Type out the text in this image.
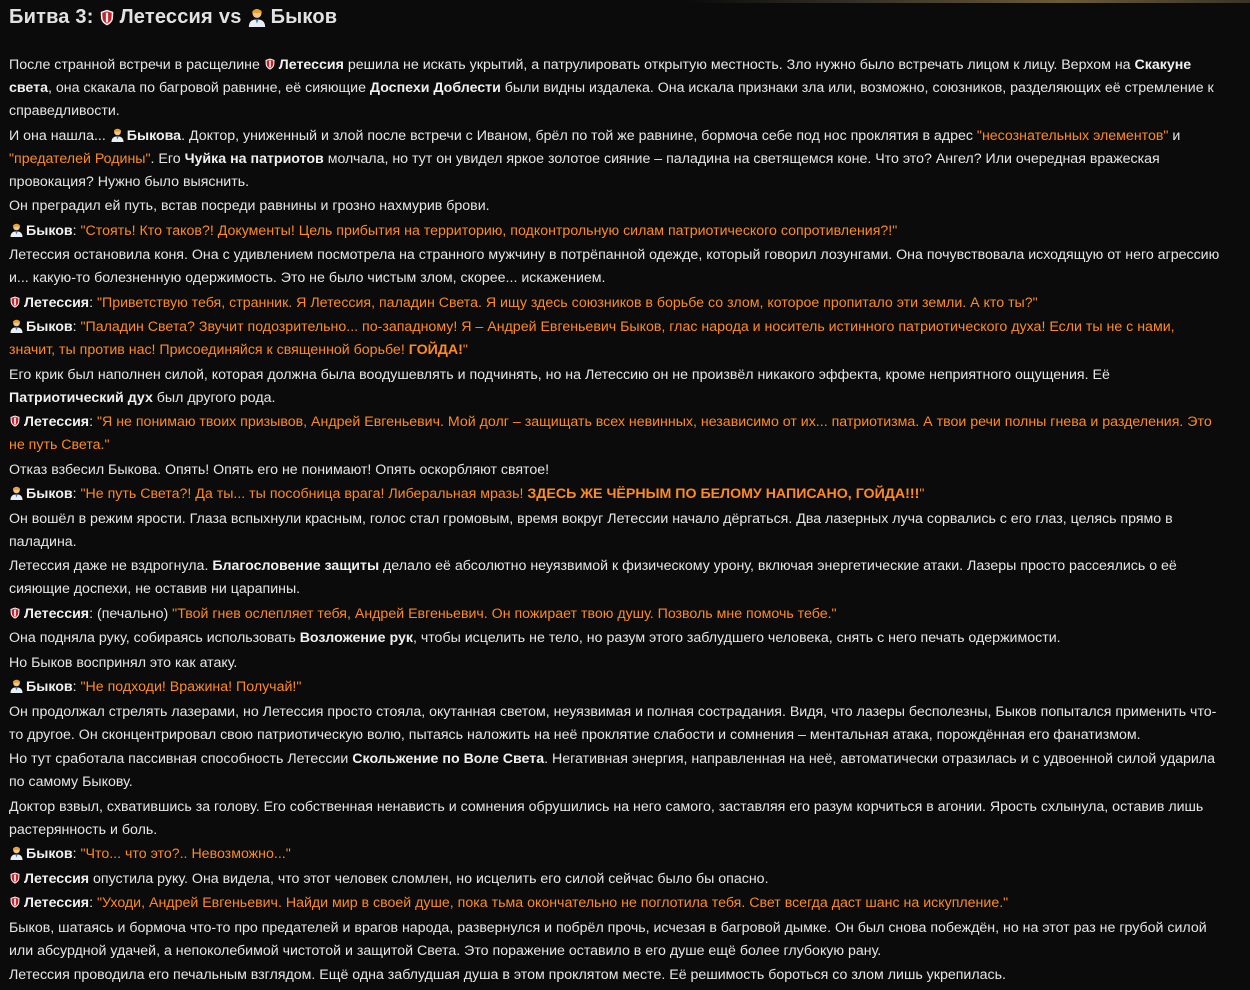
Битва 3: Летессия vs Быков
После странной встречи в расщелине
Летессия решила не искать укрытий, а патрулировать открытую местность. Зло нужно было встречать лицом к лицу. Верхом на Скакуне света, она скакала по багровой равнине, её сияющие Доспехи Доблести были видны издалека. Она искала признаки зла или, возможно, союзников, разделяющих её стремление к справедливости.
И она нашла...
Быкова. Доктор, униженный и злой после встречи с Иваном, брёл по той же равнине, бормоча себе под нос проклятия в адрес "несознательных элементов" и "предателей Родины". Его Чуйка на патриотов молчала, но тут он увидел яркое золотое сияние – паладина на светящемся коне. Что это? Ангел? Или очередная вражеская провокация? Нужно было выяснить.
Он преградил ей путь, встав посреди равнины и грозно нахмурив брови.
Быков: "Стоять! Кто таков?! Документы! Цель прибытия на территорию, подконтрольную силам патриотического сопротивления?!"
Летессия остановила коня. Она с удивлением посмотрела на странного мужчину в потрёпанной одежде, который говорил лозунгами. Она почувствовала исходящую от него агрессию и... какую-то болезненную одержимость. Это не было чистым злом, скорее... искажением.
Летессия: "Приветствую тебя, странник. Я Летессия, паладин Света. Я ищу здесь союзников в борьбе со злом, которое пропитало эти земли. А кто ты?"
Быков: "Паладин Света? Звучит подозрительно... по-западному! Я – Андрей Евгеньевич Быков, глас народа и носитель истинного патриотического духа! Если ты не с нами, значит, ты против нас! Присоединяйся к священной борьбе! ГОЙДА!"
Его крик был наполнен силой, которая должна была воодушевлять и подчинять, но на Летессию он не произвёл никакого эффекта, кроме неприятного ощущения. Её Патриотический дух был другого рода.
Летессия: "Я не понимаю твоих призывов, Андрей Евгеньевич. Мой долг – защищать всех невинных, независимо от их... патриотизма. А твои речи полны гнева и разделения. Это не путь Света."
Отказ взбесил Быкова. Опять! Опять его не понимают! Опять оскорбляют святое!
Быков: "Не путь Света?! Да ты... ты пособница врага! Либеральная мразь! ЗДЕСЬ ЖЕ ЧЁРНЫМ ПО БЕЛОМУ НАПИСАНО, ГОЙДА!!!"
Он вошёл в режим ярости. Глаза вспыхнули красным, голос стал громовым, время вокруг Летессии начало дёргаться. Два лазерных луча сорвались с его глаз, целясь прямо в паладина.
Летессия даже не вздрогнула. Благословение защиты делало её абсолютно неуязвимой к физическому урону, включая энергетические атаки. Лазеры просто рассеялись о её сияющие доспехи, не оставив ни царапины.
Летессия: (печально) "Твой гнев ослепляет тебя, Андрей Евгеньевич. Он пожирает твою душу. Позволь мне помочь тебе."
Она подняла руку, собираясь использовать Возложение рук, чтобы исцелить не тело, но разум этого заблудшего человека, снять с него печать одержимости.
Но Быков воспринял это как атаку.
Быков: "Не подходи! Вражина! Получай!"
Он продолжал стрелять лазерами, но Летессия просто стояла, окутанная светом, неуязвимая и полная сострадания. Видя, что лазеры бесполезны, Быков попытался применить что-то другое. Он сконцентрировал свою патриотическую волю, пытаясь наложить на неё проклятие слабости и сомнения – ментальная атака, порождённая его фанатизмом.
Но тут сработала пассивная способность Летессии Скольжение по Воле Света. Негативная энергия, направленная на неё, автоматически отразилась и с удвоенной силой ударила по самому Быкову.
Доктор взвыл, схватившись за голову. Его собственная ненависть и сомнения обрушились на него самого, заставляя его разум корчиться в агонии. Ярость схлынула, оставив лишь растерянность и боль.
Быков: "Что... что это?.. Невозможно..."
Летессия опустила руку. Она видела, что этот человек сломлен, но исцелить его силой сейчас было бы опасно.
Летессия: "Уходи, Андрей Евгеньевич. Найди мир в своей душе, пока тьма окончательно не поглотила тебя. Свет всегда даст шанс на искупление."
Быков, шатаясь и бормоча что-то про предателей и врагов народа, развернулся и побрёл прочь, исчезая в багровой дымке. Он был снова побеждён, но на этот раз не грубой силой или абсурдной удачей, а непоколебимой чистотой и защитой Света. Это поражение оставило в его душе ещё более глубокую рану.
Летессия проводила его печальным взглядом. Ещё одна заблудшая душа в этом проклятом месте. Её решимость бороться со злом лишь укрепилась.
